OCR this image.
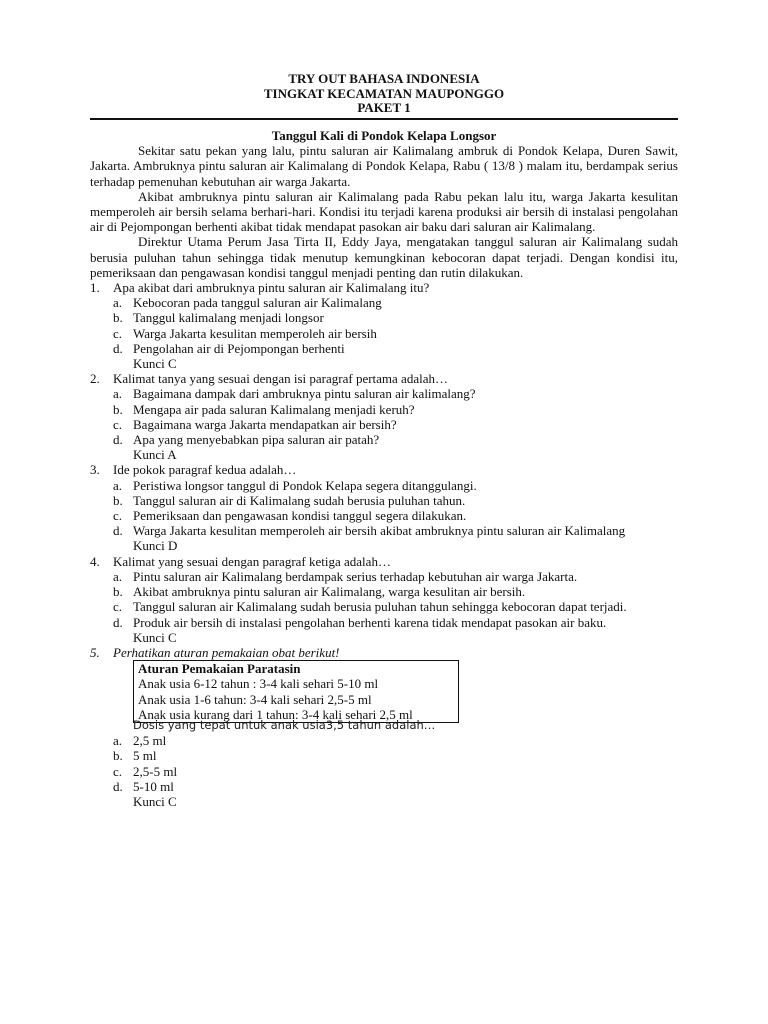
TRY OUT BAHASA INDONESIA
TINGKAT KECAMATAN MAUPONGGO
PAKET 1
Tanggul Kali di Pondok Kelapa Longsor

Sekitar satu pekan yang lalu, pintu saluran air Kalimalang ambruk di Pondok Kelapa, Duren Sawit, Jakarta. Ambruknya pintu saluran air Kalimalang di Pondok Kelapa, Rabu ( 13/8 ) malam itu, berdampak serius terhadap pemenuhan kebutuhan air warga Jakarta.

Akibat ambruknya pintu saluran air Kalimalang pada Rabu pekan lalu itu, warga Jakarta kesulitan memperoleh air bersih selama berhari-hari. Kondisi itu terjadi karena produksi air bersih di instalasi pengolahan air di Pejompongan berhenti akibat tidak mendapat pasokan air baku dari saluran air Kalimalang.

Direktur Utama Perum Jasa Tirta II, Eddy Jaya, mengatakan tanggul saluran air Kalimalang sudah berusia puluhan tahun sehingga tidak menutup kemungkinan kebocoran dapat terjadi. Dengan kondisi itu, pemeriksaan dan pengawasan kondisi tanggul menjadi penting dan rutin dilakukan.

1. Apa akibat dari ambruknya pintu saluran air Kalimalang itu?

a. Kebocoran pada tanggul saluran air Kalimalang

b. Tanggul kalimalang menjadi longsor

c. Warga Jakarta kesulitan memperoleh air bersih

d. Pengolahan air di Pejompongan berhenti

Kunci C

2. Kalimat tanya yang sesuai dengan isi paragraf pertama adalah…

a. Bagaimana dampak dari ambruknya pintu saluran air kalimalang?

b. Mengapa air pada saluran Kalimalang menjadi keruh?

c. Bagaimana warga Jakarta mendapatkan air bersih?

d. Apa yang menyebabkan pipa saluran air patah?

Kunci A

3. Ide pokok paragraf kedua adalah…

a. Peristiwa longsor tanggul di Pondok Kelapa segera ditanggulangi.

b. Tanggul saluran air di Kalimalang sudah berusia puluhan tahun.

c. Pemeriksaan dan pengawasan kondisi tanggul segera dilakukan.

d. Warga Jakarta kesulitan memperoleh air bersih akibat ambruknya pintu saluran air Kalimalang

Kunci D

4. Kalimat yang sesuai dengan paragraf ketiga adalah…

a. Pintu saluran air Kalimalang berdampak serius terhadap kebutuhan air warga Jakarta.

b. Akibat ambruknya pintu saluran air Kalimalang, warga kesulitan air bersih.

c. Tanggul saluran air Kalimalang sudah berusia puluhan tahun sehingga kebocoran dapat terjadi.

d. Produk air bersih di instalasi pengolahan berhenti karena tidak mendapat pasokan air baku.

Kunci C

5. Perhatikan aturan pemakaian obat berikut!

Aturan Pemakaian Paratasin
Anak usia 6-12 tahun : 3-4 kali sehari 5-10 ml
Anak usia 1-6 tahun: 3-4 kali sehari 2,5-5 ml
Anak usia kurang dari 1 tahun: 3-4 kali sehari 2,5 ml
Dosis yang tepat untuk anak usia3,5 tahun adalah…

a. 2,5 ml

b. 5 ml

c. 2,5-5 ml

d. 5-10 ml

Kunci C
